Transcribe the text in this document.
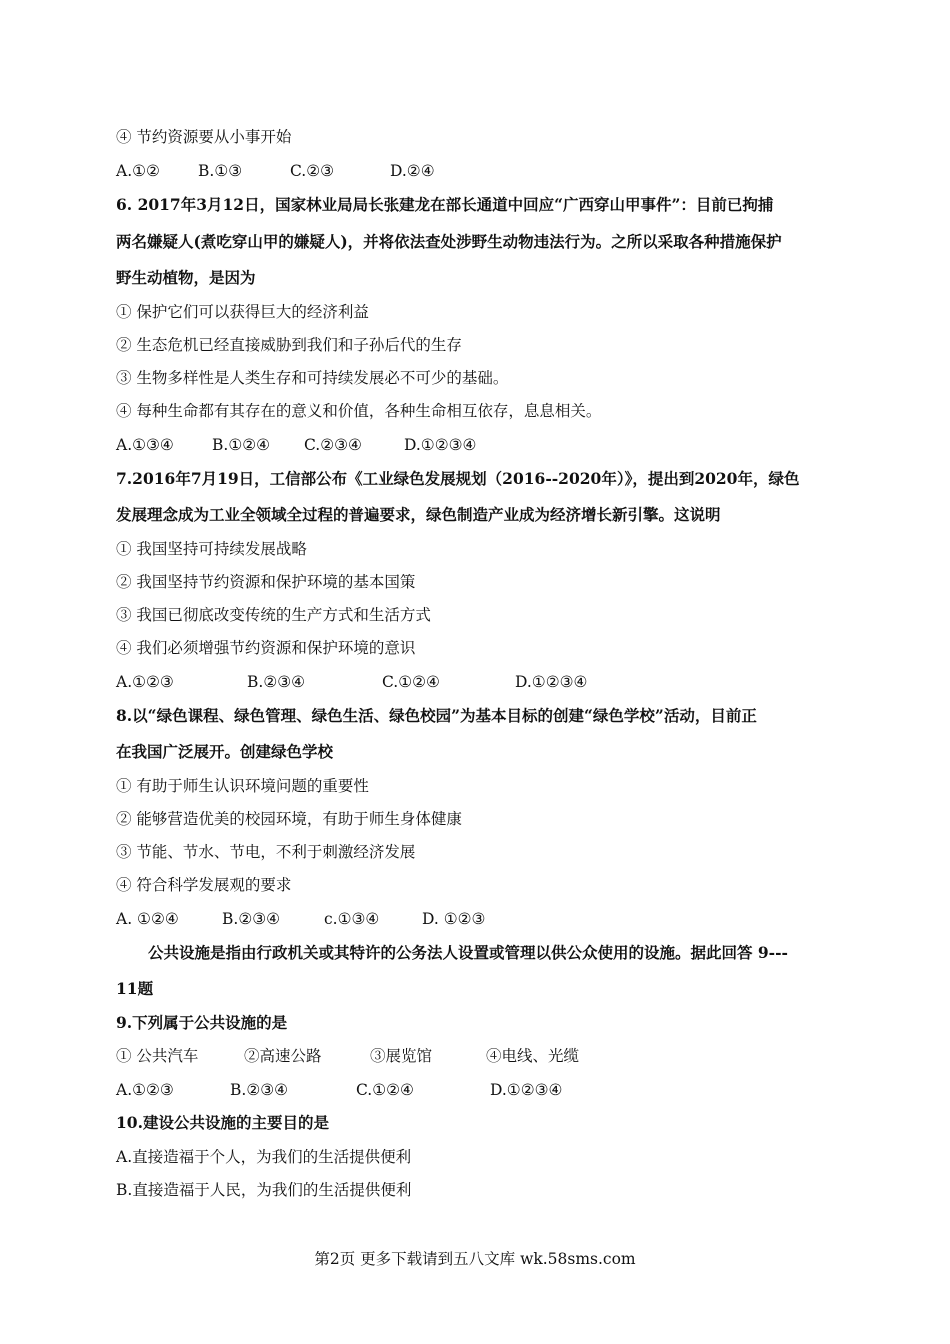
④ 节约资源要从小事开始
A.①② B.①③	C.②③	D.②④
6. 2017年3月12日，国家林业局局长张建龙在部长通道中回应“广西穿山甲事件”：目前已拘捕
两名嫌疑人(煮吃穿山甲的嫌疑人)，并将依法查处涉野生动物违法行为。之所以采取各种措施保护
野生动植物，是因为
① 保护它们可以获得巨大的经济利益
② 生态危机已经直接威胁到我们和子孙后代的生存
③ 生物多样性是人类生存和可持续发展必不可少的基础。
④ 每种生命都有其存在的意义和价值，各种生命相互依存，息息相关。
A.①③④ B.①②④ C.②③④	D.①②③④
7.2016年7月19日，工信部公布《工业绿色发展规划（2016--2020年）》，提出到2020年，绿色
发展理念成为工业全领域全过程的普遍要求，绿色制造产业成为经济增长新引擎。这说明
① 我国坚持可持续发展战略
② 我国坚持节约资源和保护环境的基本国策
③ 我国已彻底改变传统的生产方式和生活方式
④ 我们必须增强节约资源和保护环境的意识
A.①②③	B.②③④	C.①②④	D.①②③④
8.以“绿色课程、绿色管理、绿色生活、绿色校园”为基本目标的创建“绿色学校”活动，目前正
在我国广泛展开。创建绿色学校
① 有助于师生认识环境问题的重要性
② 能够营造优美的校园环境，有助于师生身体健康
③ 节能、节水、节电，不利于刺激经济发展
④ 符合科学发展观的要求
A. ①②④	B.②③④	c.①③④	D. ①②③
公共设施是指由行政机关或其特许的公务法人设置或管理以供公众使用的设施。据此回答 9---
11题
9.下列属于公共设施的是
① 公共汽车	②高速公路	③展览馆	④电线、光缆
A.①②③	B.②③④	C.①②④	D.①②③④
10.建设公共设施的主要目的是
A.直接造福于个人，为我们的生活提供便利
B.直接造福于人民，为我们的生活提供便利
第2页 更多下载请到五八文库 wk.58sms.com
